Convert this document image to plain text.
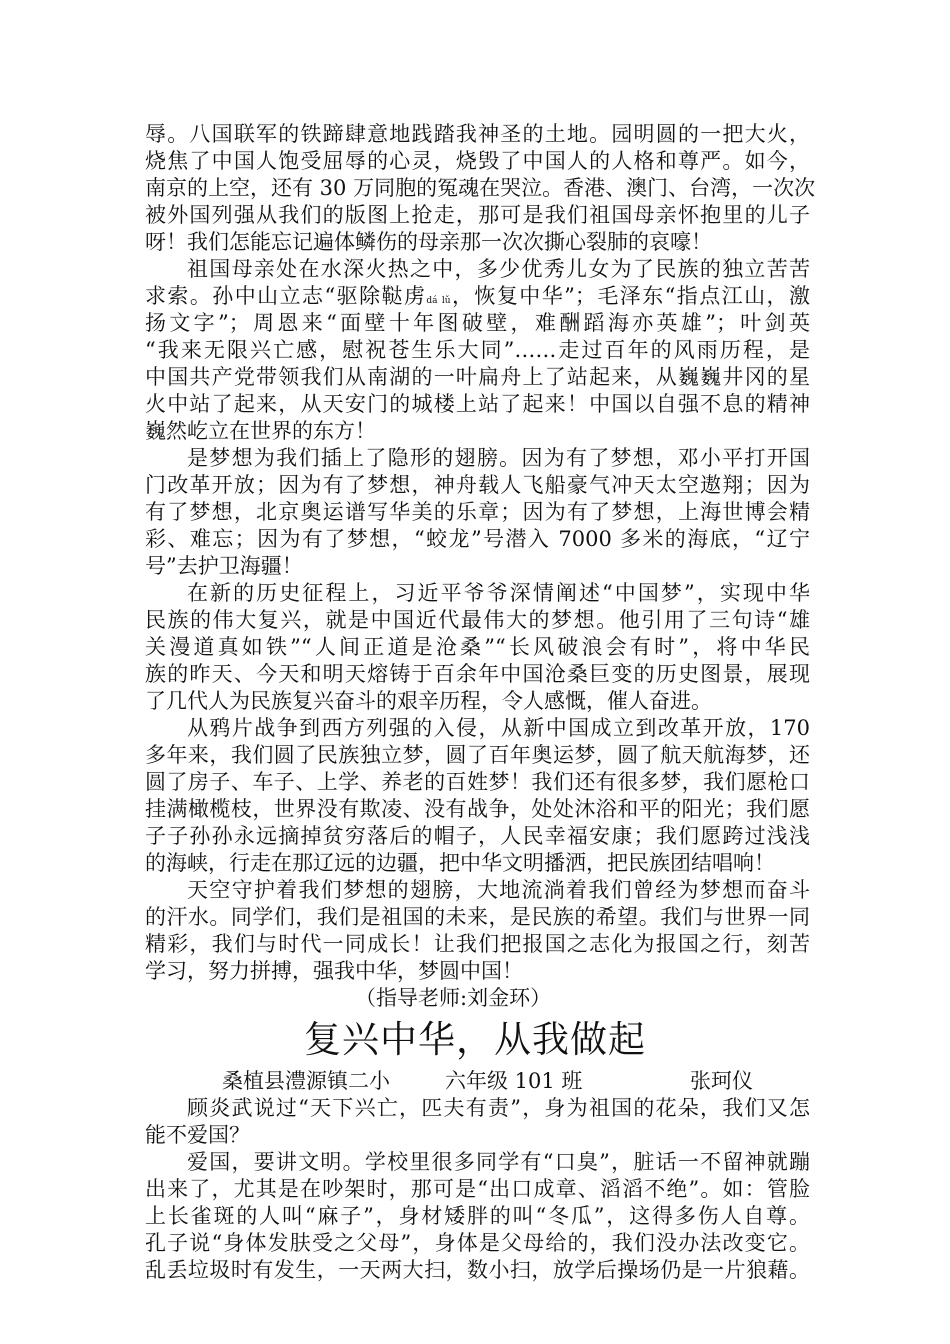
辱。八国联军的铁蹄肆意地践踏我神圣的土地。园明圆的一把大火，
烧焦了中国人饱受屈辱的心灵，烧毁了中国人的人格和尊严。如今，
南京的上空，还有 30 万同胞的冤魂在哭泣。香港、澳门、台湾，一次次
被外国列强从我们的版图上抢走，那可是我们祖国母亲怀抱里的儿子
呀！我们怎能忘记遍体鳞伤的母亲那一次次撕心裂肺的哀嚎！
祖国母亲处在水深火热之中，多少优秀儿女为了民族的独立苦苦
求索。孙中山立志“驱除鞑虏dá lǔ，恢复中华”；毛泽东“指点江山，激
扬文字”；周恩来“面壁十年图破壁，难酬蹈海亦英雄”；叶剑英
“我来无限兴亡感，慰祝苍生乐大同”……走过百年的风雨历程，是
中国共产党带领我们从南湖的一叶扁舟上了站起来，从巍巍井冈的星
火中站了起来，从天安门的城楼上站了起来！中国以自强不息的精神
巍然屹立在世界的东方！
是梦想为我们插上了隐形的翅膀。因为有了梦想，邓小平打开国
门改革开放；因为有了梦想，神舟载人飞船豪气冲天太空遨翔；因为
有了梦想，北京奥运谱写华美的乐章；因为有了梦想，上海世博会精
彩、难忘；因为有了梦想，“蛟龙”号潜入 7000 多米的海底，“辽宁
号”去护卫海疆！
在新的历史征程上，习近平爷爷深情阐述“中国梦”，实现中华
民族的伟大复兴，就是中国近代最伟大的梦想。他引用了三句诗“雄
关漫道真如铁”“人间正道是沧桑”“长风破浪会有时”，将中华民
族的昨天、今天和明天熔铸于百余年中国沧桑巨变的历史图景，展现
了几代人为民族复兴奋斗的艰辛历程，令人感慨，催人奋进。
从鸦片战争到西方列强的入侵，从新中国成立到改革开放，170
多年来，我们圆了民族独立梦，圆了百年奥运梦，圆了航天航海梦，还
圆了房子、车子、上学、养老的百姓梦！我们还有很多梦，我们愿枪口
挂满橄榄枝，世界没有欺凌、没有战争，处处沐浴和平的阳光；我们愿
子子孙孙永远摘掉贫穷落后的帽子，人民幸福安康；我们愿跨过浅浅
的海峡，行走在那辽远的边疆，把中华文明播洒，把民族团结唱响！
天空守护着我们梦想的翅膀，大地流淌着我们曾经为梦想而奋斗
的汗水。同学们，我们是祖国的未来，是民族的希望。我们与世界一同
精彩，我们与时代一同成长！让我们把报国之志化为报国之行，刻苦
学习，努力拼搏，强我中华，梦圆中国！
（指导老师:刘金环）
复兴中华，从我做起
桑植县澧源镇二小	六年级 101 班	张珂仪
顾炎武说过“天下兴亡，匹夫有责”，身为祖国的花朵，我们又怎
能不爱国？
爱国，要讲文明。学校里很多同学有“口臭”，脏话一不留神就蹦
出来了，尤其是在吵架时，那可是“出口成章、滔滔不绝”。如：管脸
上长雀斑的人叫“麻子”，身材矮胖的叫“冬瓜”，这得多伤人自尊。
孔子说“身体发肤受之父母”，身体是父母给的，我们没办法改变它。
乱丢垃圾时有发生，一天两大扫，数小扫，放学后操场仍是一片狼藉。
